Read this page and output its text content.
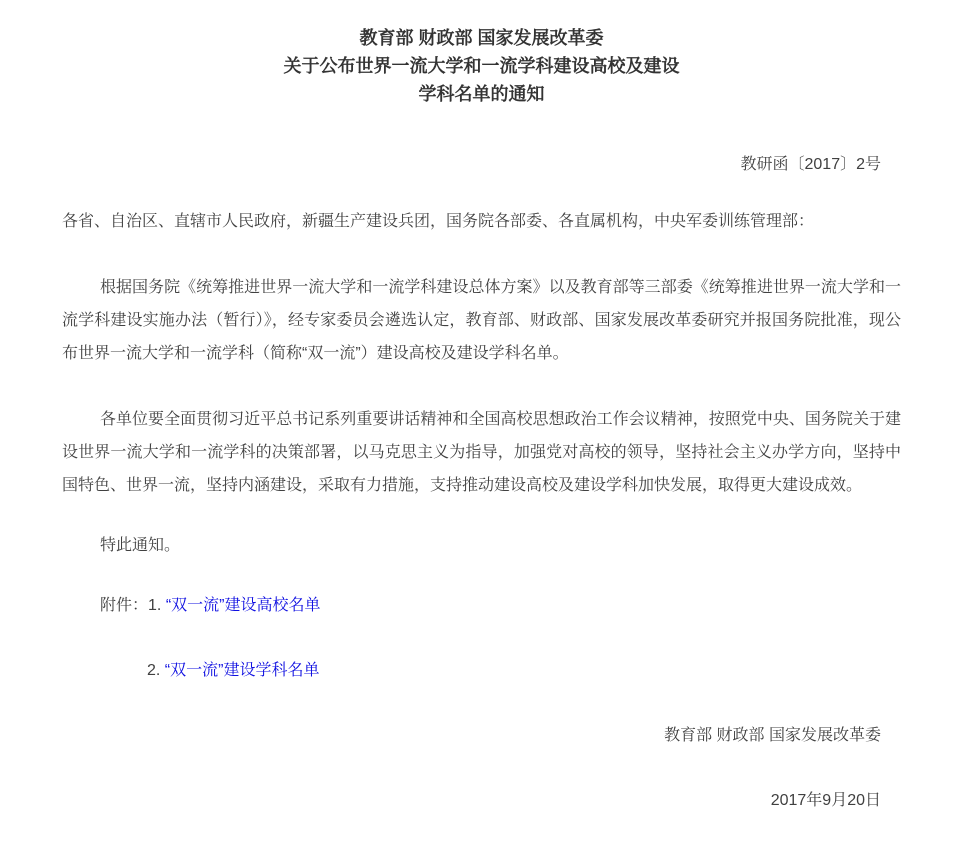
教育部 财政部 国家发展改革委
关于公布世界一流大学和一流学科建设高校及建设
学科名单的通知
教研函〔2017〕2号
各省、自治区、直辖市人民政府，新疆生产建设兵团，国务院各部委、各直属机构，中央军委训练管理部：

根据国务院《统筹推进世界一流大学和一流学科建设总体方案》以及教育部等三部委《统筹推进世界一流大学和一流学科建设实施办法（暂行）》，经专家委员会遴选认定，教育部、财政部、国家发展改革委研究并报国务院批准，现公布世界一流大学和一流学科（简称“双一流”）建设高校及建设学科名单。

各单位要全面贯彻习近平总书记系列重要讲话精神和全国高校思想政治工作会议精神，按照党中央、国务院关于建设世界一流大学和一流学科的决策部署，以马克思主义为指导，加强党对高校的领导，坚持社会主义办学方向，坚持中国特色、世界一流，坚持内涵建设，采取有力措施，支持推动建设高校及建设学科加快发展，取得更大建设成效。

特此通知。
附件：1. “双一流”建设高校名单
2. “双一流”建设学科名单
教育部 财政部 国家发展改革委
2017年9月20日
